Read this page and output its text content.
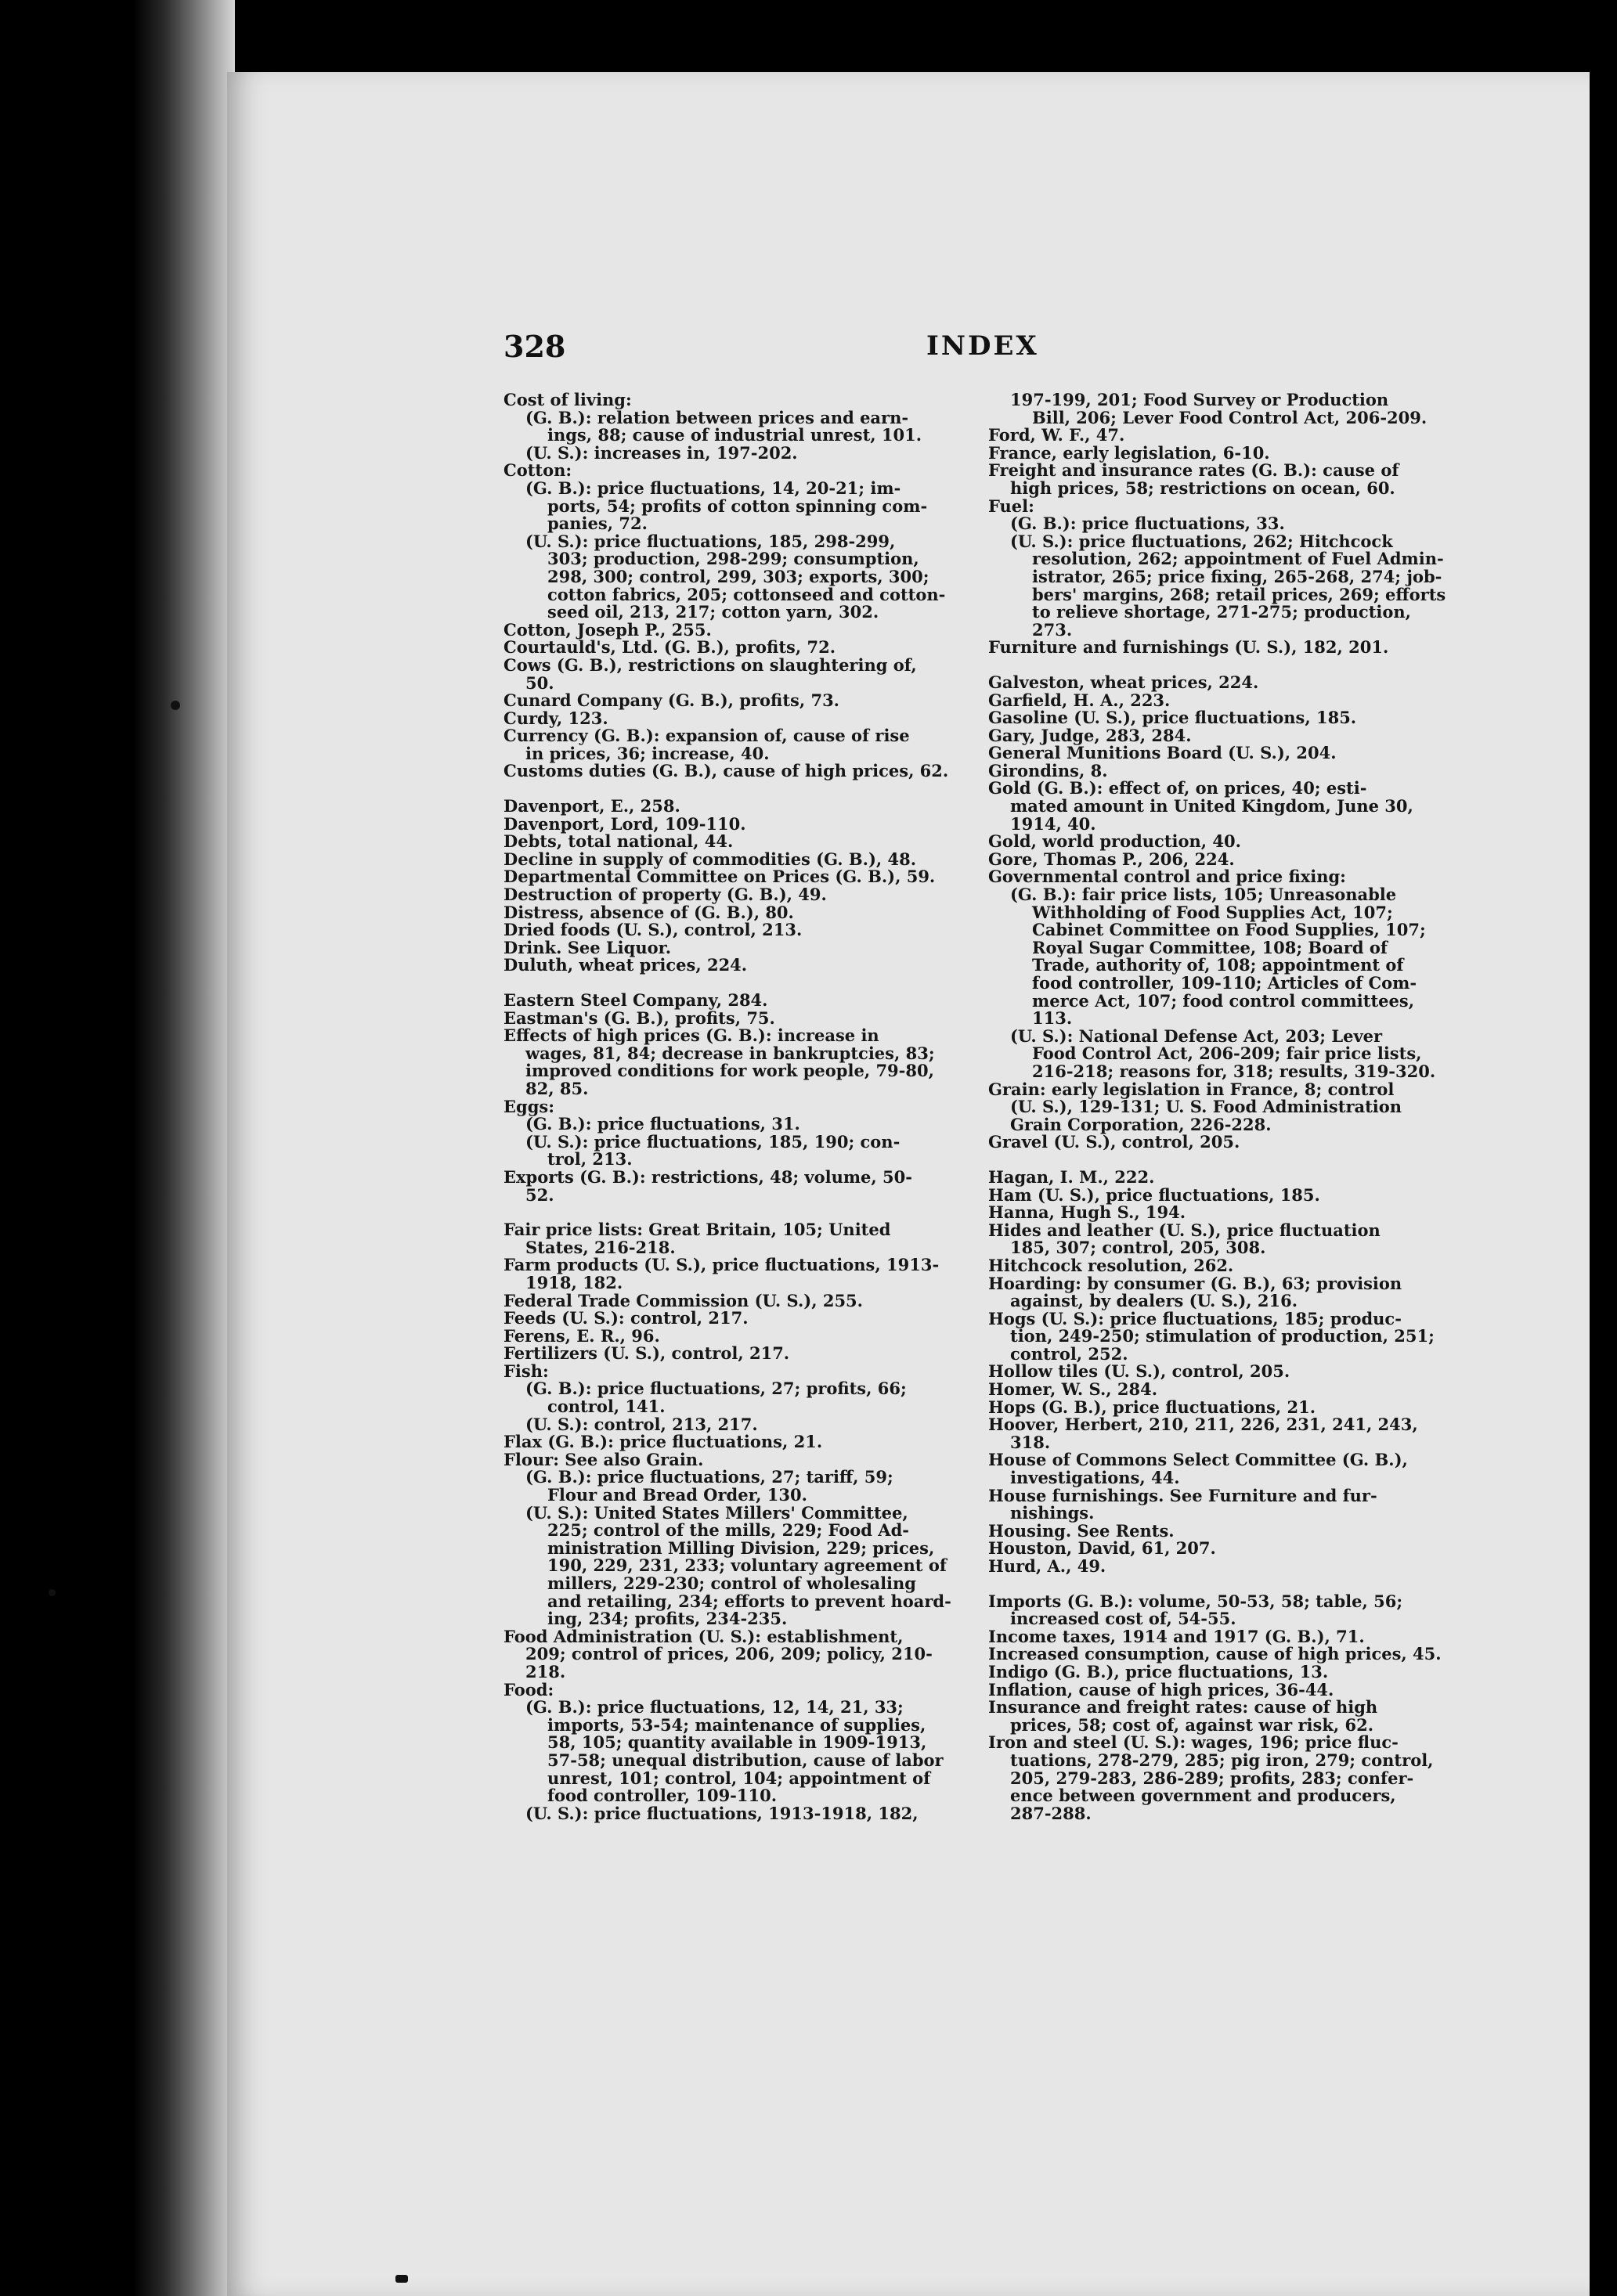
328	INDEX

Cost of living:

(G. B.): relation between prices and earn-
ings, 88; cause of industrial unrest, 101.

(U. S.): increases in, 197-202.

Cotton:

(G. B.): price fluctuations, 14, 20-21; im-
ports, 54; profits of cotton spinning com-
panies, 72.

(U. S.): price fluctuations, 185, 298-299,
303; production, 298-299; consumption,
298, 300; control, 299, 303; exports, 300;
cotton fabrics, 205; cottonseed and cotton-
seed oil, 213, 217; cotton yarn, 302.

Cotton, Joseph P., 255.

Courtauld's, Ltd. (G. B.), profits, 72.

Cows (G. B.), restrictions on slaughtering of,
50.

Cunard Company (G. B.), profits, 73.

Curdy, 123.

Currency (G. B.): expansion of, cause of rise
in prices, 36; increase, 40.

Customs duties (G. B.), cause of high prices, 62.

Davenport, E., 258.

Davenport, Lord, 109-110.

Debts, total national, 44.

Decline in supply of commodities (G. B.), 48.

Departmental Committee on Prices (G. B.), 59.

Destruction of property (G. B.), 49.

Distress, absence of (G. B.), 80.

Dried foods (U. S.), control, 213.

Drink. See Liquor.

Duluth, wheat prices, 224.

Eastern Steel Company, 284.

Eastman's (G. B.), profits, 75.

Effects of high prices (G. B.): increase in
wages, 81, 84; decrease in bankruptcies, 83;
improved conditions for work people, 79-80,
82, 85.

Eggs:

(G. B.): price fluctuations, 31.

(U. S.): price fluctuations, 185, 190; con-
trol, 213.

Exports (G. B.): restrictions, 48; volume, 50-
52.

Fair price lists: Great Britain, 105; United
States, 216-218.

Farm products (U. S.), price fluctuations, 1913-
1918, 182.

Federal Trade Commission (U. S.), 255.

Feeds (U. S.): control, 217.

Ferens, E. R., 96.

Fertilizers (U. S.), control, 217.

Fish:

(G. B.): price fluctuations, 27; profits, 66;
control, 141.

(U. S.): control, 213, 217.

Flax (G. B.): price fluctuations, 21.

Flour: See also Grain.

(G. B.): price fluctuations, 27; tariff, 59;
Flour and Bread Order, 130.

(U. S.): United States Millers' Committee,
225; control of the mills, 229; Food Ad-
ministration Milling Division, 229; prices,
190, 229, 231, 233; voluntary agreement of
millers, 229-230; control of wholesaling
and retailing, 234; efforts to prevent hoard-
ing, 234; profits, 234-235.

Food Administration (U. S.): establishment,
209; control of prices, 206, 209; policy, 210-
218.

Food:

(G. B.): price fluctuations, 12, 14, 21, 33;
imports, 53-54; maintenance of supplies,
58, 105; quantity available in 1909-1913,
57-58; unequal distribution, cause of labor
unrest, 101; control, 104; appointment of
food controller, 109-110.

(U. S.): price fluctuations, 1913-1918, 182,

197-199, 201; Food Survey or Production
Bill, 206; Lever Food Control Act, 206-209.

Ford, W. F., 47.

France, early legislation, 6-10.

Freight and insurance rates (G. B.): cause of
high prices, 58; restrictions on ocean, 60.

Fuel:

(G. B.): price fluctuations, 33.

(U. S.): price fluctuations, 262; Hitchcock
resolution, 262; appointment of Fuel Admin-
istrator, 265; price fixing, 265-268, 274; job-
bers' margins, 268; retail prices, 269; efforts
to relieve shortage, 271-275; production, 273.

Furniture and furnishings (U. S.), 182, 201.

Galveston, wheat prices, 224.

Garfield, H. A., 223.

Gasoline (U. S.), price fluctuations, 185.

Gary, Judge, 283, 284.

General Munitions Board (U. S.), 204.

Girondins, 8.

Gold (G. B.): effect of, on prices, 40; esti-
mated amount in United Kingdom, June 30,
1914, 40.

Gold, world production, 40.

Gore, Thomas P., 206, 224.

Governmental control and price fixing:

(G. B.): fair price lists, 105; Unreasonable
Withholding of Food Supplies Act, 107;
Cabinet Committee on Food Supplies, 107;
Royal Sugar Committee, 108; Board of
Trade, authority of, 108; appointment of
food controller, 109-110; Articles of Com-
merce Act, 107; food control committees,
113.

(U. S.): National Defense Act, 203; Lever
Food Control Act, 206-209; fair price lists,
216-218; reasons for, 318; results, 319-320.

Grain: early legislation in France, 8; control
(U. S.), 129-131; U. S. Food Administration
Grain Corporation, 226-228.

Gravel (U. S.), control, 205.

Hagan, I. M., 222.

Ham (U. S.), price fluctuations, 185.

Hanna, Hugh S., 194.

Hides and leather (U. S.), price fluctuation
185, 307; control, 205, 308.

Hitchcock resolution, 262.

Hoarding: by consumer (G. B.), 63; provision
against, by dealers (U. S.), 216.

Hogs (U. S.): price fluctuations, 185; produc-
tion, 249-250; stimulation of production, 251;
control, 252.

Hollow tiles (U. S.), control, 205.

Homer, W. S., 284.

Hops (G. B.), price fluctuations, 21.

Hoover, Herbert, 210, 211, 226, 231, 241, 243,
318.

House of Commons Select Committee (G. B.),
investigations, 44.

House furnishings. See Furniture and fur-
nishings.

Housing. See Rents.

Houston, David, 61, 207.

Hurd, A., 49.

Imports (G. B.): volume, 50-53, 58; table, 56;
increased cost of, 54-55.

Income taxes, 1914 and 1917 (G. B.), 71.

Increased consumption, cause of high prices, 45.

Indigo (G. B.), price fluctuations, 13.

Inflation, cause of high prices, 36-44.

Insurance and freight rates: cause of high
prices, 58; cost of, against war risk, 62.

Iron and steel (U. S.): wages, 196; price fluc-
tuations, 278-279, 285; pig iron, 279; control,
205, 279-283, 286-289; profits, 283; confer-
ence between government and producers,
287-288.
